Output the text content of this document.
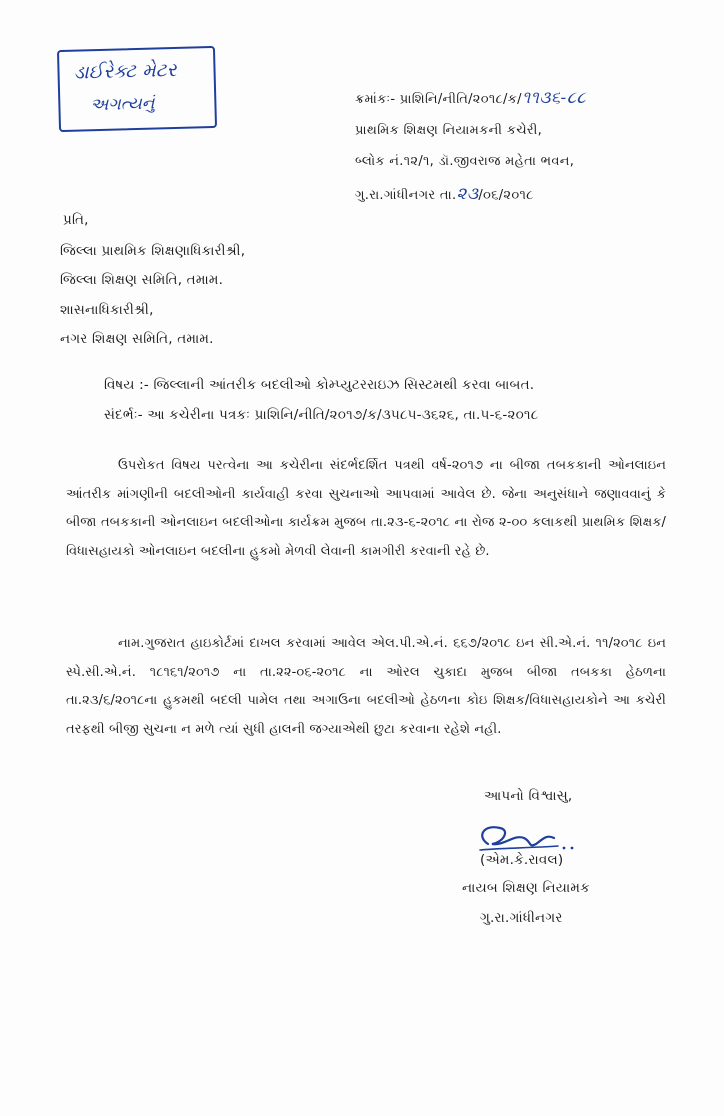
ડાઈરેક્ટ મેટર
અગત્યનું	ક્રમાંકઃ- પ્રાશિનિ/નીતિ/૨૦૧૮/ક/૧૧૩૬-૮૮
પ્રાથમિક શિક્ષણ નિયામકની કચેરી,
બ્લોક નં.૧૨/૧, ડૉ.જીવરાજ મહેતા ભવન,
ગુ.રા.ગાંધીનગર તા.૨૩/૦૬/૨૦૧૮
પ્રતિ,
જિલ્લા પ્રાથમિક શિક્ષણાધિકારીશ્રી,
જિલ્લા શિક્ષણ સમિતિ, તમામ.
શાસનાધિકારીશ્રી,
નગર શિક્ષણ સમિતિ, તમામ.
વિષય :- જિલ્લાની આંતરીક બદલીઓ કોમ્પ્યુટરરાઇઝ સિસ્ટમથી કરવા બાબત.
સંદર્ભઃ- આ કચેરીના પત્રકઃ પ્રાશિનિ/નીતિ/૨૦૧૭/ક/૩૫૮૫-૩૬૨૬, તા.૫-૬-૨૦૧૮
ઉપરોકત વિષય પરત્વેના આ કચેરીના સંદર્ભદર્શિત પત્રથી વર્ષ-૨૦૧૭ ના બીજા તબકકાની ઓનલાઇન આંતરીક માંગણીની બદલીઓની કાર્યવાહી કરવા સુચનાઓ આપવામાં આવેલ છે. જેના અનુસંધાને જણાવવાનું કે બીજા તબકકાની ઓનલાઇન બદલીઓના કાર્યક્રમ મુજબ તા.૨૩-૬-૨૦૧૮ ના રોજ ૨-૦૦ કલાકથી પ્રાથમિક શિક્ષક/વિધાસહાયકો ઓનલાઇન બદલીના હુકમો મેળવી લેવાની કામગીરી કરવાની રહે છે.
નામ.ગુજરાત હાઇકોર્ટમાં દાખલ કરવામાં આવેલ એલ.પી.એ.નં. ૬૬૭/૨૦૧૮ ઇન સી.એ.નં. ૧૧/૨૦૧૮ ઇન સ્પે.સી.એ.નં. ૧૮૧૬૧/૨૦૧૭ ના તા.૨૨-૦૬-૨૦૧૮ ના ઓરલ ચુકાદા મુજબ બીજા તબકકા હેઠળના તા.૨૩/૬/૨૦૧૮ના હુકમથી બદલી પામેલ તથા અગાઉના બદલીઓ હેઠળના કોઇ શિક્ષક/વિધાસહાયકોને આ કચેરી તરફથી બીજી સુચના ન મળે ત્યાં સુધી હાલની જગ્યાએથી છુટા કરવાના રહેશે નહી.
આપનો વિશ્વાસુ,
(એમ.કે.રાવલ)
નાયબ શિક્ષણ નિયામક
ગુ.રા.ગાંધીનગર
